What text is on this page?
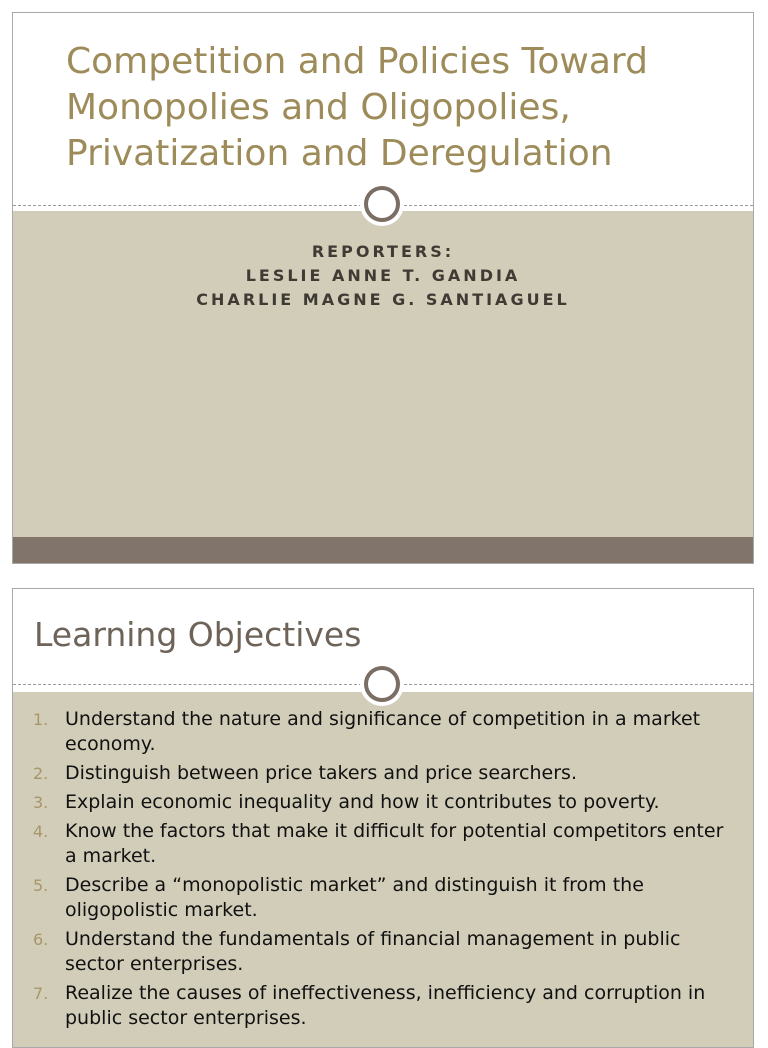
Competition and Policies Toward Monopolies and Oligopolies, Privatization and Deregulation
REPORTERS:
LESLIE ANNE T. GANDIA
CHARLIE MAGNE G. SANTIAGUEL
Learning Objectives
1. Understand the nature and significance of competition in a market economy.
2. Distinguish between price takers and price searchers.
3. Explain economic inequality and how it contributes to poverty.
4. Know the factors that make it difficult for potential competitors enter a market.
5. Describe a “monopolistic market” and distinguish it from the oligopolistic market.
6. Understand the fundamentals of financial management in public sector enterprises.
7. Realize the causes of ineffectiveness, inefficiency and corruption in public sector enterprises.
